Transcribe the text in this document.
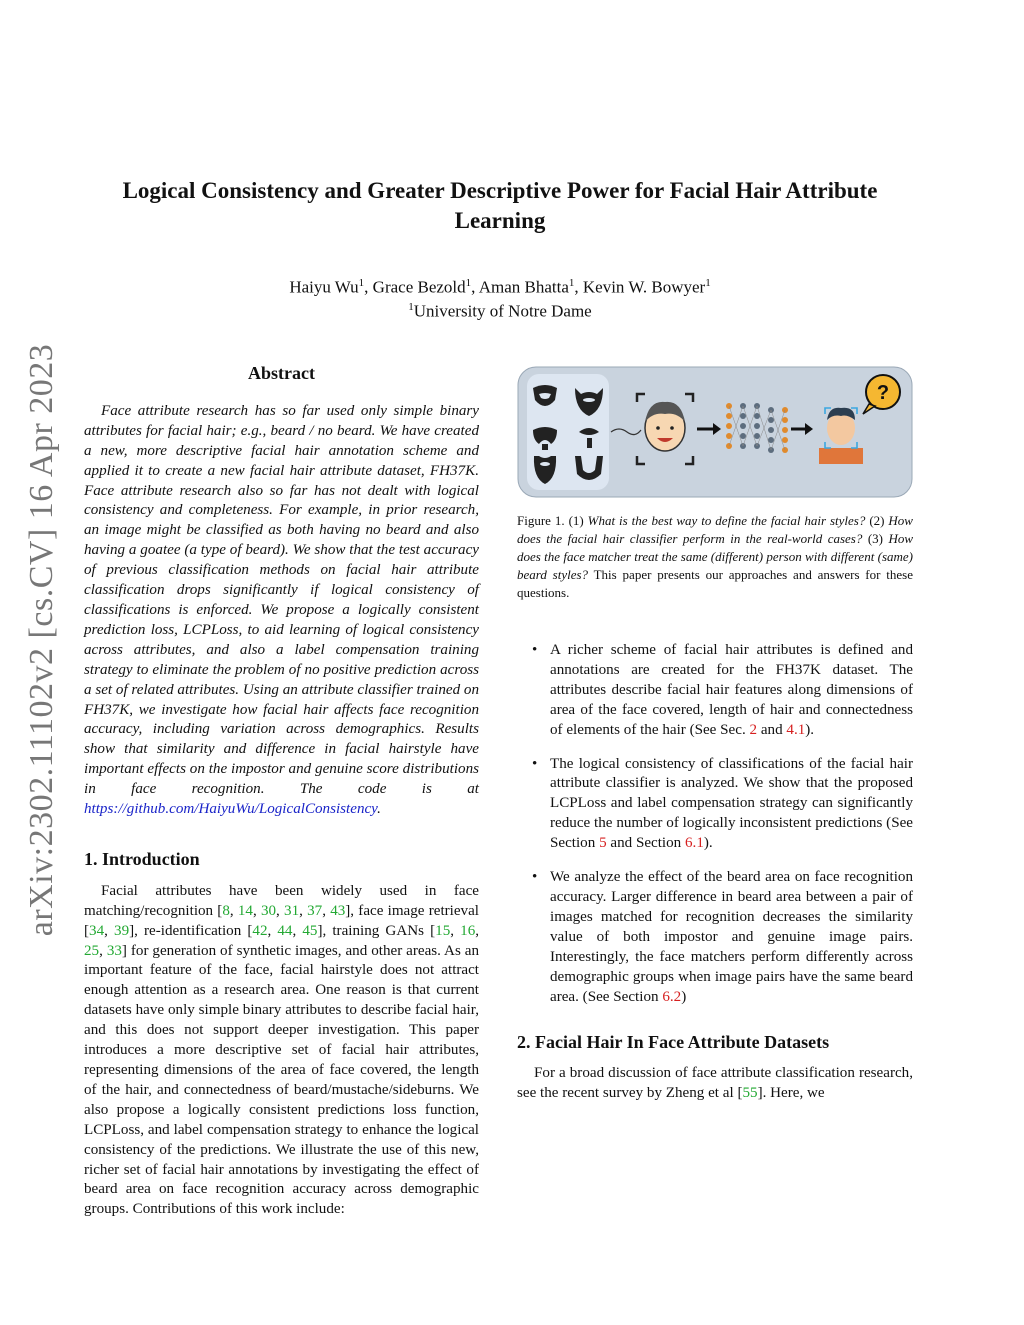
arXiv:2302.11102v2 [cs.CV] 16 Apr 2023
Logical Consistency and Greater Descriptive Power for Facial Hair Attribute Learning
Haiyu Wu$^1$, Grace Bezold$^1$, Aman Bhatta$^1$, Kevin W. Bowyer$^1$
$^1$University of Notre Dame

Abstract

Face attribute research has so far used only simple binary attributes for facial hair; e.g., beard / no beard. We have created a new, more descriptive facial hair annotation scheme and applied it to create a new facial hair attribute dataset, FH37K. Face attribute research also so far has not dealt with logical consistency and completeness. For example, in prior research, an image might be classified as both having no beard and also having a goatee (a type of beard). We show that the test accuracy of previous classification methods on facial hair attribute classification drops significantly if logical consistency of classifications is enforced. We propose a logically consistent prediction loss, LCPLoss, to aid learning of logical consistency across attributes, and also a label compensation training strategy to eliminate the problem of no positive prediction across a set of related attributes. Using an attribute classifier trained on FH37K, we investigate how facial hair affects face recognition accuracy, including variation across demographics. Results show that similarity and difference in facial hairstyle have important effects on the impostor and genuine score distributions in face recognition. The code is at https://github.com/HaiyuWu/LogicalConsistency.

1. Introduction

Facial attributes have been widely used in face matching/recognition [8, 14, 30, 31, 37, 43], face image retrieval [34, 39], re-identification [42, 44, 45], training GANs [15, 16, 25, 33] for generation of synthetic images, and other areas. As an important feature of the face, facial hairstyle does not attract enough attention as a research area. One reason is that current datasets have only simple binary attributes to describe facial hair, and this does not support deeper investigation. This paper introduces a more descriptive set of facial hair attributes, representing dimensions of the area of face covered, the length of the hair, and connectedness of beard/mustache/sideburns. We also propose a logically consistent predictions loss function, LCPLoss, and label compensation strategy to enhance the logical consistency of the predictions. We illustrate the use of this new, richer set of facial hair annotations by investigating the effect of beard area on face recognition accuracy across demographic groups. Contributions of this work include:

?
Figure 1. (1) What is the best way to define the facial hair styles? (2) How does the facial hair classifier perform in the real-world cases? (3) How does the face matcher treat the same (different) person with different (same) beard styles? This paper presents our approaches and answers for these questions.
• A richer scheme of facial hair attributes is defined and annotations are created for the FH37K dataset. The attributes describe facial hair features along dimensions of area of the face covered, length of hair and connectedness of elements of the hair (See Sec. 2 and 4.1).
• The logical consistency of classifications of the facial hair attribute classifier is analyzed. We show that the proposed LCPLoss and label compensation strategy can significantly reduce the number of logically inconsistent predictions (See Section 5 and Section 6.1).
• We analyze the effect of the beard area on face recognition accuracy. Larger difference in beard area between a pair of images matched for recognition decreases the similarity value of both impostor and genuine image pairs. Interestingly, the face matchers perform differently across demographic groups when image pairs have the same beard area. (See Section 6.2)

2. Facial Hair In Face Attribute Datasets

For a broad discussion of face attribute classification research, see the recent survey by Zheng et al [55]. Here, we
